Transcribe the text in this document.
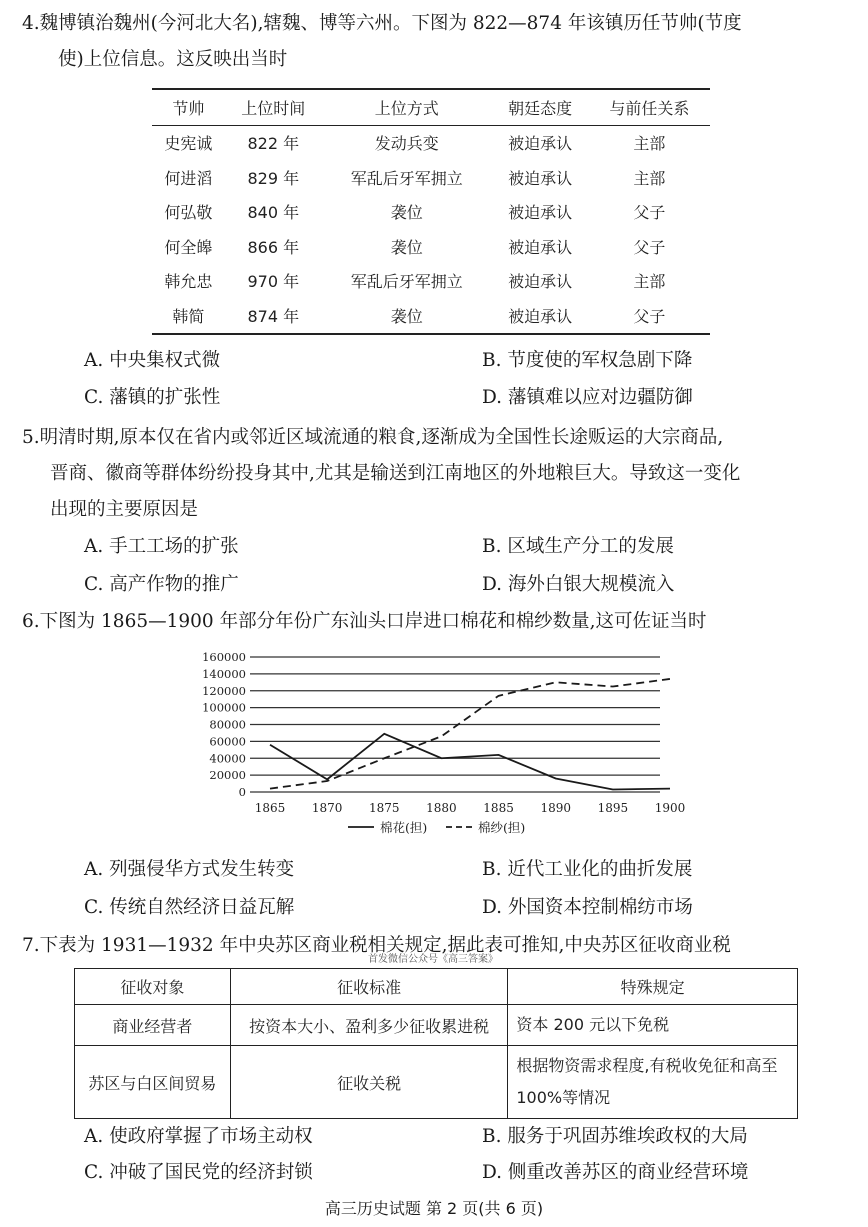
4.魏博镇治魏州(今河北大名),辖魏、博等六州。下图为 822—874 年该镇历任节帅(节度
使)上位信息。这反映出当时
节帅	上位时间	上位方式	朝廷态度	与前任关系
史宪诚	822 年	发动兵变	被迫承认	主部
何进滔	829 年	军乱后牙军拥立	被迫承认	主部
何弘敬	840 年	袭位	被迫承认	父子
何全皞	866 年	袭位	被迫承认	父子
韩允忠	970 年	军乱后牙军拥立	被迫承认	主部
韩简	874 年	袭位	被迫承认	父子
A. 中央集权式微	B. 节度使的军权急剧下降
C. 藩镇的扩张性	D. 藩镇难以应对边疆防御
5.明清时期,原本仅在省内或邻近区域流通的粮食,逐渐成为全国性长途贩运的大宗商品,
晋商、徽商等群体纷纷投身其中,尤其是输送到江南地区的外地粮巨大。导致这一变化
出现的主要原因是
A. 手工工场的扩张	B. 区域生产分工的发展
C. 高产作物的推广	D. 海外白银大规模流入
6.下图为 1865—1900 年部分年份广东汕头口岸进口棉花和棉纱数量,这可佐证当时
0
20000
40000
60000
80000
100000
120000
140000
160000
1865 1870 1875 1880 1885 1890 1895 1900
棉花(担)	棉纱(担)
A. 列强侵华方式发生转变	B. 近代工业化的曲折发展
C. 传统自然经济日益瓦解	D. 外国资本控制棉纺市场
7.下表为 1931—1932 年中央苏区商业税相关规定,据此表可推知,中央苏区征收商业税
首发微信公众号《高三答案》
征收对象	征收标准	特殊规定
商业经营者	按资本大小、盈利多少征收累进税	资本 200 元以下免税
苏区与白区间贸易	征收关税	根据物资需求程度,有税收免征和高至 100%等情况
A. 使政府掌握了市场主动权	B. 服务于巩固苏维埃政权的大局
C. 冲破了国民党的经济封锁	D. 侧重改善苏区的商业经营环境
高三历史试题 第 2 页(共 6 页)
